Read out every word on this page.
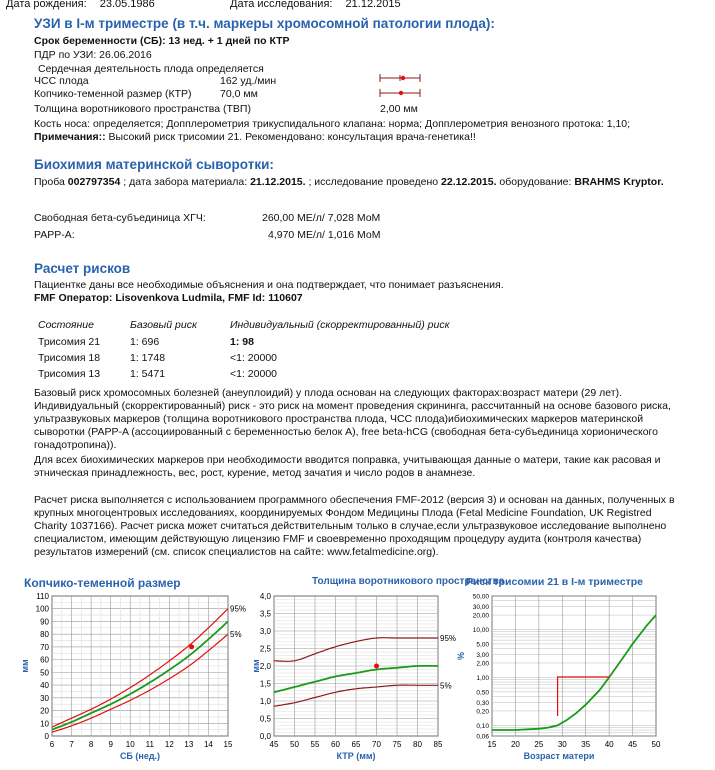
Дата рождения: 23.05.1986	Дата исследования: 21.12.2015
УЗИ в I-м триместре (в т.ч. маркеры хромосомной патологии плода):
Срок беременности (СБ): 13 нед. + 1 дней по КТР
ПДР по УЗИ: 26.06.2016
Сердечная деятельность плода определяется
ЧСС плода	162 уд./мин
Копчико-теменной размер (КТР)	70,0 мм
Толщина воротникового пространства (ТВП)	2,00 мм
Кость носа: определяется; Допплерометрия трикуспидального клапана: норма; Допплерометрия венозного протока: 1,10;
Примечания:: Высокий риск трисомии 21. Рекомендовано: консультация врача-генетика!!
Биохимия материнской сыворотки:
Проба 002797354 ; дата забора материала: 21.12.2015. ; исследование проведено 22.12.2015. оборудование: BRAHMS Kryptor.
Свободная бета-субъединица ХГЧ:	260,00 МЕ/л/ 7,028 МоМ
PAPP-A:	4,970 МЕ/л/ 1,016 МоМ
Расчет рисков
Пациентке даны все необходимые объяснения и она подтверждает, что понимает разъяснения.
FMF Оператор: Lisovenkova Ludmila, FMF Id: 110607
Состояние	Базовый риск	Индивидуальный (скорректированный) риск
Трисомия 21	1: 696	1: 98
Трисомия 18	1: 1748	<1: 20000
Трисомия 13	1: 5471	<1: 20000
Базовый риск хромосомных болезней (анеуплоидий) у плода основан на следующих факторах:возраст матери (29 лет). Индивидуальный (скорректированный) риск - это риск на момент проведения скрининга, рассчитанный на основе базового риска, ультразвуковых маркеров (толщина воротникового пространства плода, ЧСС плода)ибиохимических маркеров материнской сыворотки (PAPP-A (ассоциированный с беременностью белок А), free beta-hCG (свободная бета-субъединица хорионического гонадотропина)).
Для всех биохимических маркеров при необходимости вводится поправка, учитывающая данные о матери, такие как расовая и этническая принадлежность, вес, рост, курение, метод зачатия и число родов в анамнезе.
Расчет риска выполняется с использованием программного обеспечения FMF-2012 (версия 3) и основан на данных, полученных в крупных многоцентровых исследованиях, координируемых Фондом Медицины Плода (Fetal Medicine Foundation, UK Registred Charity 1037166). Расчет риска может считаться действительным только в случае,если ультразвуковое исследование выполнено специалистом, имеющим действующую лицензию FMF и своевременно проходящим процедуру аудита (контроля качества) результатов измерений (см. список специалистов на сайте: www.fetalmedicine.org).
Копчико-теменной размер
0
10
20
30
40
50
60
70
80
90
100
110
6 7 8 9 10 11 12 13 14 15
СБ (нед.)
мм
95%
5%
Толщина воротникового пространства
0,0
0,5
1,0
1,5
2,0
2,5
3,0
3,5
4,0
45 50 55 60 65 70 75 80 85
КТР (мм)
мм
95%
5%
Риск трисомии 21 в I-м триместре
50,00
30,00
20,00
10,00
5,00
3,00
2,00
1,00
0,50
0,30
0,20
0,10
0,06
15 20 25 30 35 40 45 50
Возраст матери
%
